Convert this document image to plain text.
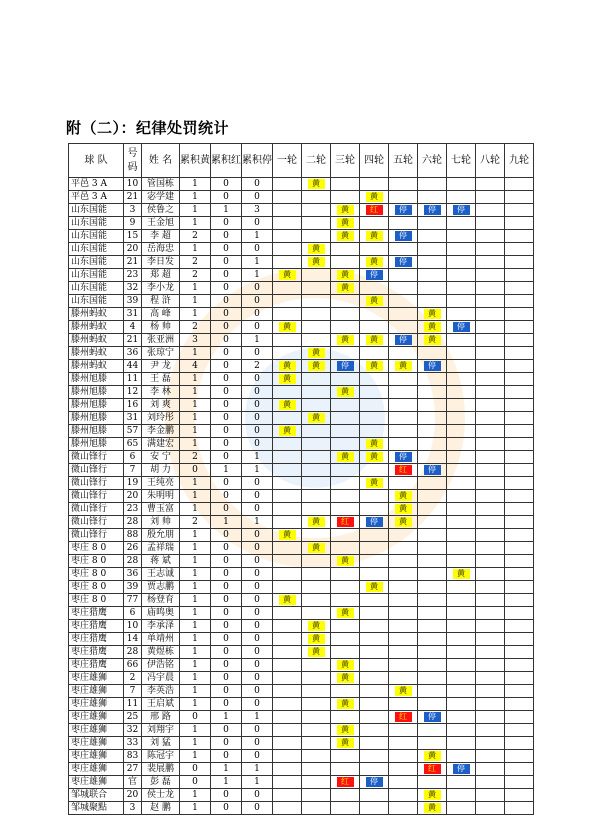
附（二）：纪律处罚统计
球 队	号码	姓 名	累积黄	累积红	累积停	一轮	二轮	三轮	四轮	五轮	六轮	七轮	八轮	九轮
平邑 3 A	10	管国栋	1	0	0		黄							

平邑 3 A	21	宓学建	1	0	0				黄					

山东国能	3	侯鲁之	1	1	3			黄	红	停	停	停		

山东国能	9	王金旭	1	0	0			黄						

山东国能	15	李 超	2	0	1			黄	黄	停				

山东国能	20	岳海忠	1	0	0		黄							

山东国能	21	李日发	2	0	1		黄		黄	停				

山东国能	23	郑 超	2	0	1	黄		黄	停					

山东国能	32	李小龙	1	0	0			黄						

山东国能	39	程 浒	1	0	0				黄					

滕州蚂蚁	31	高 峰	1	0	0						黄			

滕州蚂蚁	4	杨 帅	2	0	0	黄					黄	停		

滕州蚂蚁	21	张亚洲	3	0	1			黄	黄	停	黄			

滕州蚂蚁	36	张琼宁	1	0	0		黄							

滕州蚂蚁	44	尹 龙	4	0	2	黄	黄	停	黄	黄	停			

滕州旭滕	11	王 磊	1	0	0	黄								

滕州旭滕	12	李 林	1	0	0			黄						

滕州旭滕	16	刘 爽	1	0	0	黄								

滕州旭滕	31	刘玲彤	1	0	0		黄							

滕州旭滕	57	李金鹏	1	0	0	黄								

滕州旭滕	65	满建宏	1	0	0				黄					

微山锋行	6	安 宁	2	0	1			黄	黄	停				

微山锋行	7	胡 力	0	1	1					红	停			

微山锋行	19	王纯亮	1	0	0				黄					

微山锋行	20	朱明明	1	0	0					黄				

微山锋行	23	曹玉富	1	0	0					黄				

微山锋行	28	刘 帅	2	1	1		黄	红	停	黄				

微山锋行	88	殷允朋	1	0	0	黄								

枣庄 8 0	26	孟祥瑞	1	0	0		黄							

枣庄 8 0	28	蒋 斌	1	0	0			黄						

枣庄 8 0	36	王志诚	1	0	0							黄		

枣庄 8 0	39	贾志鹏	1	0	0				黄					

枣庄 8 0	77	杨登育	1	0	0	黄								

枣庄猎鹰	6	庙鸣奥	1	0	0			黄						

枣庄猎鹰	10	李承泽	1	0	0		黄							

枣庄猎鹰	14	单靖州	1	0	0		黄							

枣庄猎鹰	28	黄煜栋	1	0	0		黄							

枣庄猎鹰	66	伊浩铭	1	0	0			黄						

枣庄雄狮	2	冯宇晨	1	0	0			黄						

枣庄雄狮	7	李英浩	1	0	0					黄				

枣庄雄狮	11	王启斌	1	0	0			黄						

枣庄雄狮	25	邢 路	0	1	1					红	停			

枣庄雄狮	32	刘翔宇	1	0	0			黄						

枣庄雄狮	33	刘 猛	1	0	0			黄						

枣庄雄狮	83	陈冠宇	1	0	0						黄			

枣庄雄狮	27	裴展鹏	0	1	1						红	停		

枣庄雄狮	官	彭 磊	0	1	1			红	停					

邹城联合	20	侯士龙	1	0	0						黄			

邹城聚點	3	赵 鹏	1	0	0						黄			
